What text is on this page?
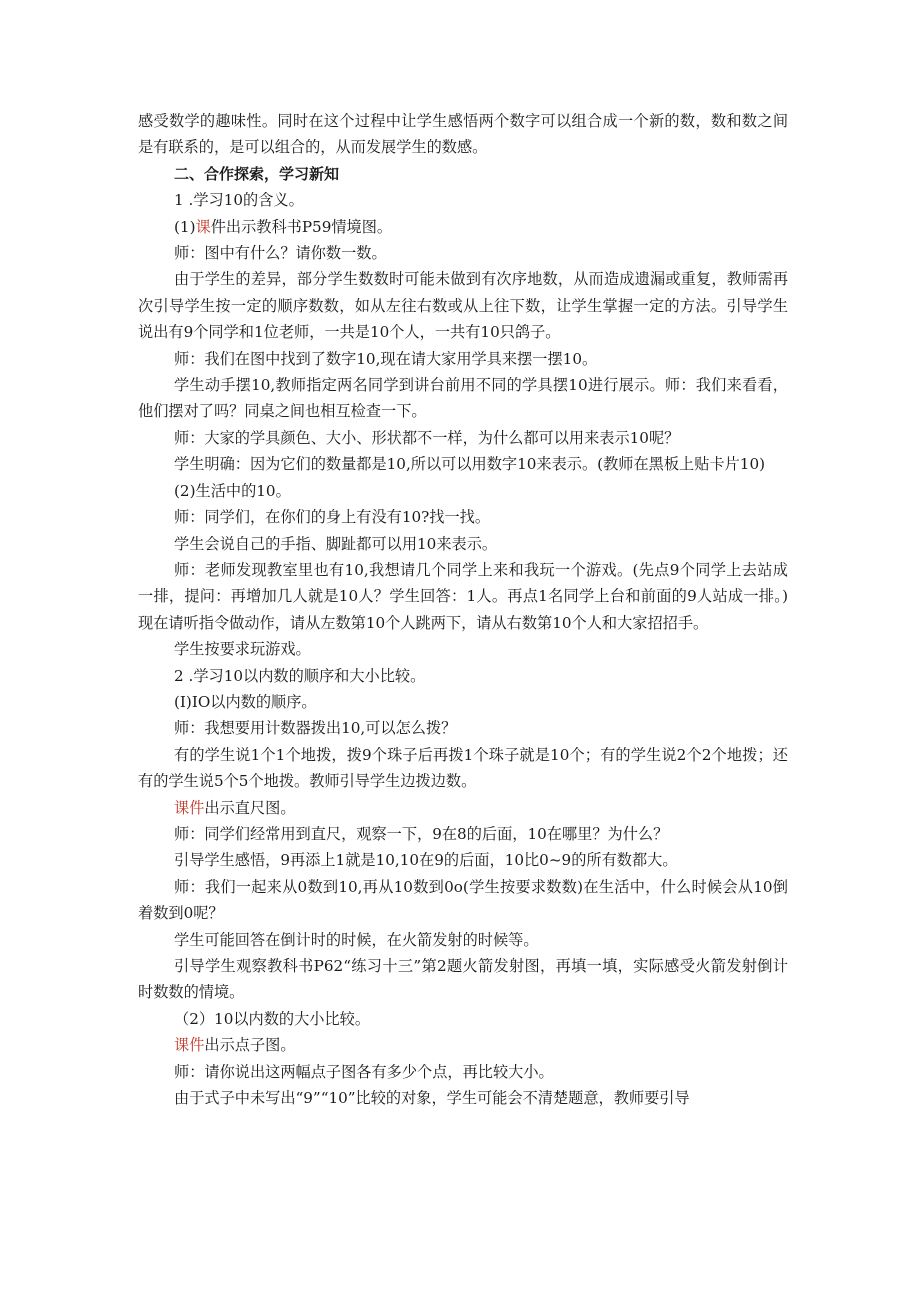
感受数学的趣味性。同时在这个过程中让学生感悟两个数字可以组合成一个新的数，数和数之间是有联系的，是可以组合的，从而发展学生的数感。

二、合作探索，学习新知

1 .学习10的含义。

(1)课件出示教科书P59情境图。

师：图中有什么？请你数一数。

由于学生的差异，部分学生数数时可能未做到有次序地数，从而造成遗漏或重复，教师需再次引导学生按一定的顺序数数，如从左往右数或从上往下数，让学生掌握一定的方法。引导学生说出有9个同学和1位老师，一共是10个人，一共有10只鸽子。

师：我们在图中找到了数字10,现在请大家用学具来摆一摆10。

学生动手摆10,教师指定两名同学到讲台前用不同的学具摆10进行展示。师：我们来看看，他们摆对了吗？同桌之间也相互检查一下。

师：大家的学具颜色、大小、形状都不一样，为什么都可以用来表示10呢？

学生明确：因为它们的数量都是10,所以可以用数字10来表示。(教师在黑板上贴卡片10)

(2)生活中的10。

师：同学们，在你们的身上有没有10?找一找。

学生会说自己的手指、脚趾都可以用10来表示。

师：老师发现教室里也有10,我想请几个同学上来和我玩一个游戏。(先点9个同学上去站成一排，提问：再增加几人就是10人？学生回答：1人。再点1名同学上台和前面的9人站成一排。)现在请听指令做动作，请从左数第10个人跳两下，请从右数第10个人和大家招招手。

学生按要求玩游戏。

2 .学习10以内数的顺序和大小比较。

(I)IO以内数的顺序。

师：我想要用计数器拨出10,可以怎么拨？

有的学生说1个1个地拨，拨9个珠子后再拨1个珠子就是10个；有的学生说2个2个地拨；还有的学生说5个5个地拨。教师引导学生边拨边数。

课件出示直尺图。

师：同学们经常用到直尺，观察一下，9在8的后面，10在哪里？为什么？

引导学生感悟，9再添上1就是10,10在9的后面，10比0~9的所有数都大。

师：我们一起来从0数到10,再从10数到0o(学生按要求数数)在生活中，什么时候会从10倒着数到0呢？

学生可能回答在倒计时的时候，在火箭发射的时候等。

引导学生观察教科书P62“练习十三”第2题火箭发射图，再填一填，实际感受火箭发射倒计时数数的情境。

（2）10以内数的大小比较。

课件出示点子图。

师：请你说出这两幅点子图各有多少个点，再比较大小。

由于式子中未写出“9”“10”比较的对象，学生可能会不清楚题意，教师要引导
